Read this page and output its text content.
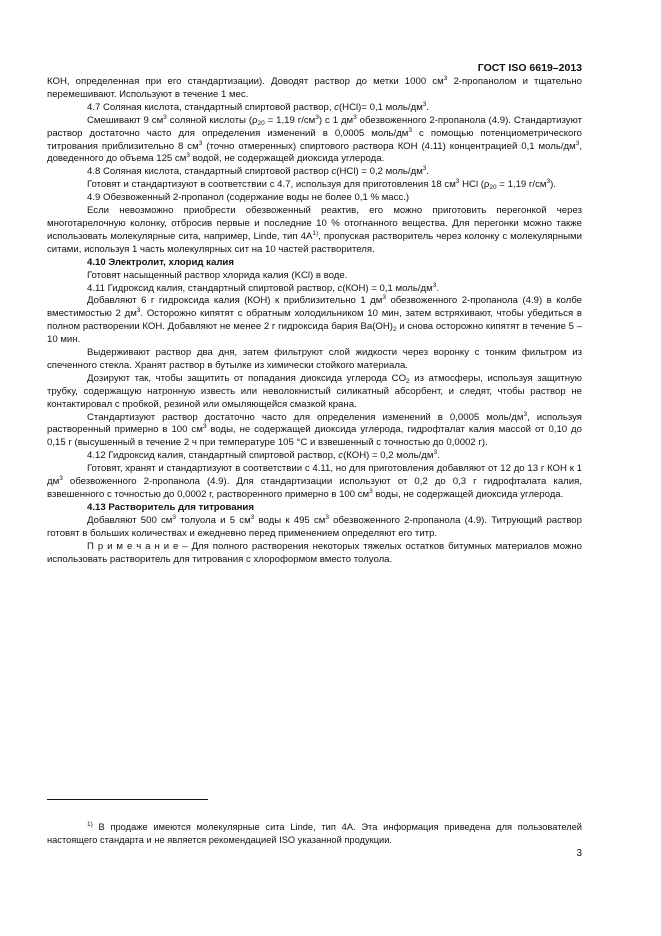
ГОСТ ISO 6619–2013

КОН, определенная при его стандартизации). Доводят раствор до метки 1000 $см^3$ 2-пропанолом и тщательно перемешивают. Используют в течение 1 мес.

4.7 Соляная кислота, стандартный спиртовой раствор, c(HCl)= 0,1 моль/$дм^3$.

Смешивают 9 $см^3$ соляной кислоты ($\rho_{20} = 1,19$ $г/см^3$) с 1 $дм^3$ обезвоженного 2-пропанола (4.9). Стандартизуют раствор достаточно часто для определения изменений в 0,0005 моль/$дм^3$ с помощью потенциометрического титрования приблизительно 8 $см^3$ (точно отмеренных) спиртового раствора КОН (4.11) концентрацией 0,1 моль/$дм^3$, доведенного до объема 125 $см^3$ водой, не содержащей диоксида углерода.

4.8 Соляная кислота, стандартный спиртовой раствор c(HCl) = 0,2 моль/$дм^3$.

Готовят и стандартизуют в соответствии с 4.7, используя для приготовления 18 $см^3$ HCl ($\rho_{20} = 1,19$ $г/см^3$).

4.9 Обезвоженный 2-пропанол (содержание воды не более 0,1 % масс.)

Если невозможно приобрести обезвоженный реактив, его можно приготовить перегонкой через многотарелочную колонку, отбросив первые и последние 10 % отогнанного вещества. Для перегонки можно также использовать молекулярные сита, например, Linde, тип $4А^{1)}$, пропуская растворитель через колонку с молекулярными ситами, используя 1 часть молекулярных сит на 10 частей растворителя.

4.10 Электролит, хлорид калия

Готовят насыщенный раствор хлорида калия (KCl) в воде.

4.11 Гидроксид калия, стандартный спиртовой раствор, c(КОН) = 0,1 моль/$дм^3$.

Добавляют 6 г гидроксида калия (КОН) к приблизительно 1 $дм^3$ обезвоженного 2-пропанола (4.9) в колбе вместимостью 2 $дм^3$. Осторожно кипятят с обратным холодильником 10 мин, затем встряхивают, чтобы убедиться в полном растворении КОН. Добавляют не менее 2 г гидроксида бария $Ва(ОН)_2$ и снова осторожно кипятят в течение 5 – 10 мин.

Выдерживают раствор два дня, затем фильтруют слой жидкости через воронку с тонким фильтром из спеченного стекла. Хранят раствор в бутылке из химически стойкого материала.

Дозируют так, чтобы защитить от попадания диоксида углерода $CO_2$ из атмосферы, используя защитную трубку, содержащую натронную известь или неволокнистый силикатный абсорбент, и следят, чтобы раствор не контактировал с пробкой, резиной или омыляющейся смазкой крана.

Стандартизуют раствор достаточно часто для определения изменений в 0,0005 моль/$дм^3$, используя растворенный примерно в 100 $см^3$ воды, не содержащей диоксида углерода, гидрофталат калия массой от 0,10 до 0,15 г (высушенный в течение 2 ч при температуре 105 °С и взвешенный с точностью до 0,0002 г).

4.12 Гидроксид калия, стандартный спиртовой раствор, c(КОН) = 0,2 моль/$дм^3$.

Готовят, хранят и стандартизуют в соответствии с 4.11, но для приготовления добавляют от 12 до 13 г КОН к 1 $дм^3$ обезвоженного 2-пропанола (4.9). Для стандартизации используют от 0,2 до 0,3 г гидрофталата калия, взвешенного с точностью до 0,0002 г, растворенного примерно в 100 $см^3$ воды, не содержащей диоксида углерода.

4.13 Растворитель для титрования

Добавляют 500 $см^3$ толуола и 5 $см^3$ воды к 495 $см^3$ обезвоженного 2-пропанола (4.9). Титрующий раствор готовят в больших количествах и ежедневно перед применением определяют его титр.

П р и м е ч а н и е – Для полного растворения некоторых тяжелых остатков битумных материалов можно использовать растворитель для титрования с хлороформом вместо толуола.

$^{1)}$ В продаже имеются молекулярные сита Linde, тип 4А. Эта информация приведена для пользователей настоящего стандарта и не является рекомендацией ISO указанной продукции.

3
